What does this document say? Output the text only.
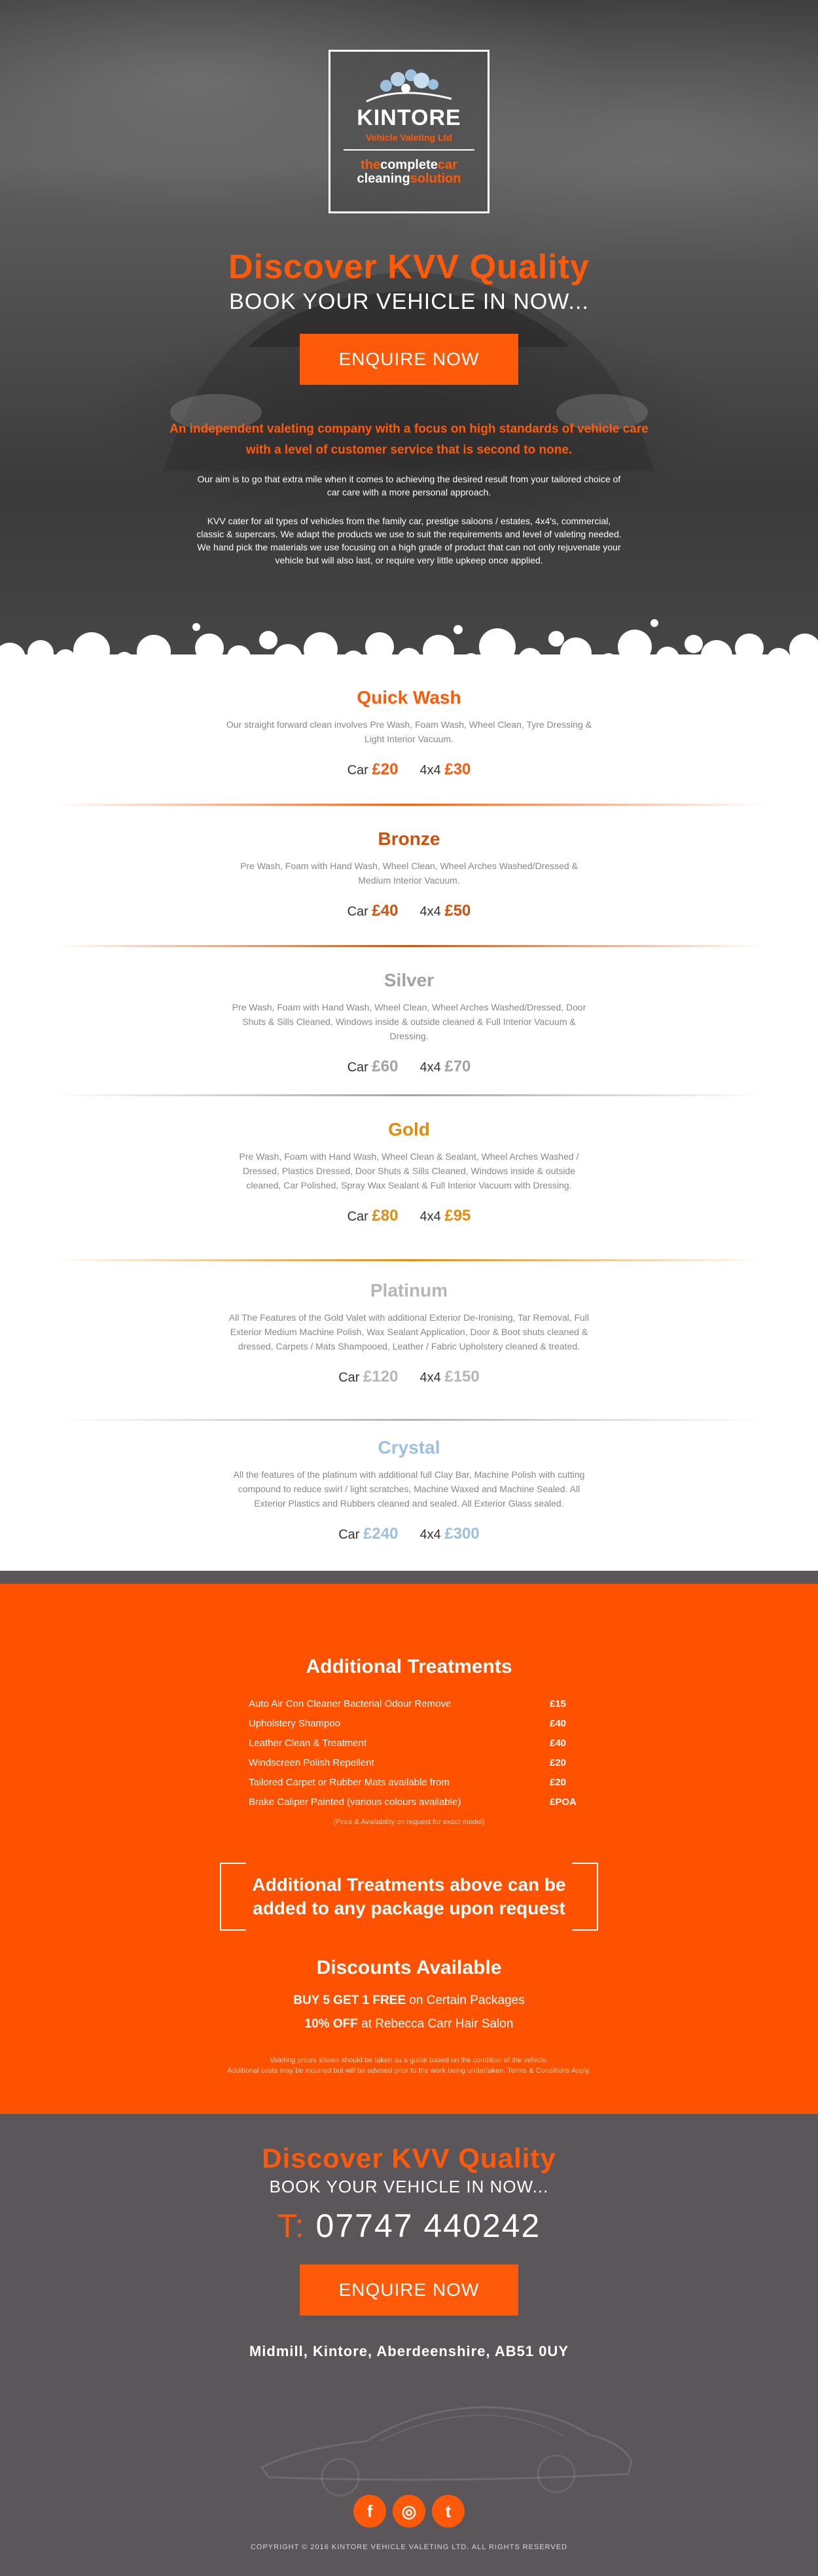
KINTORE
Vehicle Valeting Ltd
thecompletecar
cleaningsolution
Discover KVV Quality
BOOK YOUR VEHICLE IN NOW...
ENQUIRE NOW
An independent valeting company with a focus on high standards of vehicle care with a level of customer service that is second to none.
Our aim is to go that extra mile when it comes to achieving the desired result from your tailored choice of car care with a more personal approach.
KVV cater for all types of vehicles from the family car, prestige saloons / estates, 4x4's, commercial, classic & supercars. We adapt the products we use to suit the requirements and level of valeting needed. We hand pick the materials we use focusing on a high grade of product that can not only rejuvenate your vehicle but will also last, or require very little upkeep once applied.
Quick Wash
Our straight forward clean involves Pre Wash, Foam Wash, Wheel Clean, Tyre Dressing & Light Interior Vacuum.
Car £20 4x4 £30
Bronze
Pre Wash, Foam with Hand Wash, Wheel Clean, Wheel Arches Washed/Dressed & Medium Interior Vacuum.
Car £40 4x4 £50
Silver
Pre Wash, Foam with Hand Wash, Wheel Clean, Wheel Arches Washed/Dressed, Door Shuts & Sills Cleaned, Windows inside & outside cleaned & Full Interior Vacuum & Dressing.
Car £60 4x4 £70
Gold
Pre Wash, Foam with Hand Wash, Wheel Clean & Sealant, Wheel Arches Washed / Dressed, Plastics Dressed, Door Shuts & Sills Cleaned, Windows inside & outside cleaned, Car Polished, Spray Wax Sealant & Full Interior Vacuum with Dressing.
Car £80 4x4 £95
Platinum
All The Features of the Gold Valet with additional Exterior De-Ironising, Tar Removal, Full Exterior Medium Machine Polish, Wax Sealant Application, Door & Boot shuts cleaned & dressed, Carpets / Mats Shampooed, Leather / Fabric Upholstery cleaned & treated.
Car £120 4x4 £150
Crystal
All the features of the platinum with additional full Clay Bar, Machine Polish with cutting compound to reduce swirl / light scratches, Machine Waxed and Machine Sealed. All Exterior Plastics and Rubbers cleaned and sealed. All Exterior Glass sealed.
Car £240 4x4 £300
Additional Treatments
Auto Air Con Cleaner Bacterial Odour Remove	£15
Upholstery Shampoo	£40
Leather Clean & Treatment	£40
Windscreen Polish Repellent	£20
Tailored Carpet or Rubber Mats available from	£20
Brake Caliper Painted (various colours available)	£POA
(Price & Availability on request for exact model)
Additional Treatments above can be
added to any package upon request
Discounts Available
BUY 5 GET 1 FREE on Certain Packages
10% OFF at Rebecca Carr Hair Salon
Valeting prices shown should be taken as a guide based on the condition of the vehicle.
Additional costs may be incurred but will be advised prior to the work being undertaken. Terms & Conditions Apply.
Discover KVV Quality
BOOK YOUR VEHICLE IN NOW...
T: 07747 440242
ENQUIRE NOW
Midmill, Kintore, Aberdeenshire, AB51 0UY
f	◎	t
COPYRIGHT © 2016 KINTORE VEHICLE VALETING LTD. ALL RIGHTS RESERVED
